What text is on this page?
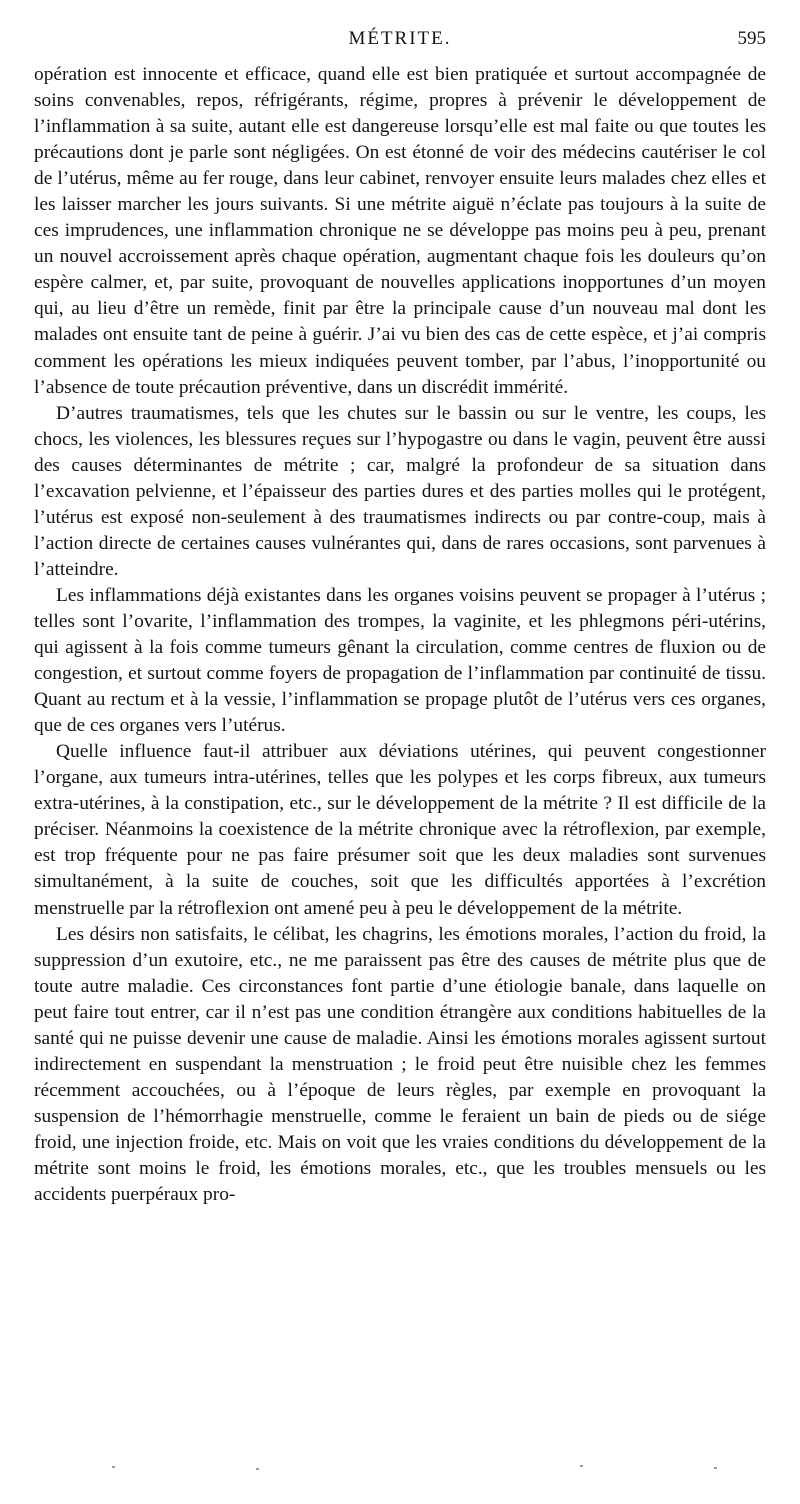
MÉTRITE.	595

opération est innocente et efficace, quand elle est bien pratiquée et surtout accompagnée de soins convenables, repos, réfrigérants, régime, propres à prévenir le développement de l’inflammation à sa suite, autant elle est dangereuse lorsqu’elle est mal faite ou que toutes les précautions dont je parle sont négligées. On est étonné de voir des médecins cautériser le col de l’utérus, même au fer rouge, dans leur cabinet, renvoyer ensuite leurs malades chez elles et les laisser marcher les jours suivants. Si une métrite aiguë n’éclate pas toujours à la suite de ces imprudences, une inflammation chronique ne se développe pas moins peu à peu, prenant un nouvel accroissement après chaque opération, augmentant chaque fois les douleurs qu’on espère calmer, et, par suite, provoquant de nouvelles applications inopportunes d’un moyen qui, au lieu d’être un remède, finit par être la principale cause d’un nouveau mal dont les malades ont ensuite tant de peine à guérir. J’ai vu bien des cas de cette espèce, et j’ai compris comment les opérations les mieux indiquées peuvent tomber, par l’abus, l’inopportunité ou l’absence de toute précaution préventive, dans un discrédit immérité.

D’autres traumatismes, tels que les chutes sur le bassin ou sur le ventre, les coups, les chocs, les violences, les blessures reçues sur l’hypogastre ou dans le vagin, peuvent être aussi des causes déterminantes de métrite ; car, malgré la profondeur de sa situation dans l’excavation pelvienne, et l’épaisseur des parties dures et des parties molles qui le protégent, l’utérus est exposé non-seulement à des traumatismes indirects ou par contre-coup, mais à l’action directe de certaines causes vulnérantes qui, dans de rares occasions, sont parvenues à l’atteindre.

Les inflammations déjà existantes dans les organes voisins peuvent se propager à l’utérus ; telles sont l’ovarite, l’inflammation des trompes, la vaginite, et les phlegmons péri-utérins, qui agissent à la fois comme tumeurs gênant la circulation, comme centres de fluxion ou de congestion, et surtout comme foyers de propagation de l’inflammation par continuité de tissu. Quant au rectum et à la vessie, l’inflammation se propage plutôt de l’utérus vers ces organes, que de ces organes vers l’utérus.

Quelle influence faut-il attribuer aux déviations utérines, qui peuvent congestionner l’organe, aux tumeurs intra-utérines, telles que les polypes et les corps fibreux, aux tumeurs extra-utérines, à la constipation, etc., sur le développement de la métrite ? Il est difficile de la préciser. Néanmoins la coexistence de la métrite chronique avec la rétroflexion, par exemple, est trop fréquente pour ne pas faire présumer soit que les deux maladies sont survenues simultanément, à la suite de couches, soit que les difficultés apportées à l’excrétion menstruelle par la rétroflexion ont amené peu à peu le développement de la métrite.

Les désirs non satisfaits, le célibat, les chagrins, les émotions morales, l’action du froid, la suppression d’un exutoire, etc., ne me paraissent pas être des causes de métrite plus que de toute autre maladie. Ces circonstances font partie d’une étiologie banale, dans laquelle on peut faire tout entrer, car il n’est pas une condition étrangère aux conditions habituelles de la santé qui ne puisse devenir une cause de maladie. Ainsi les émotions morales agissent surtout indirectement en suspendant la menstruation ; le froid peut être nuisible chez les femmes récemment accouchées, ou à l’époque de leurs règles, par exemple en provoquant la suspension de l’hémorrhagie menstruelle, comme le feraient un bain de pieds ou de siége froid, une injection froide, etc. Mais on voit que les vraies conditions du développement de la métrite sont moins le froid, les émotions morales, etc., que les troubles mensuels ou les accidents puerpéraux pro-
